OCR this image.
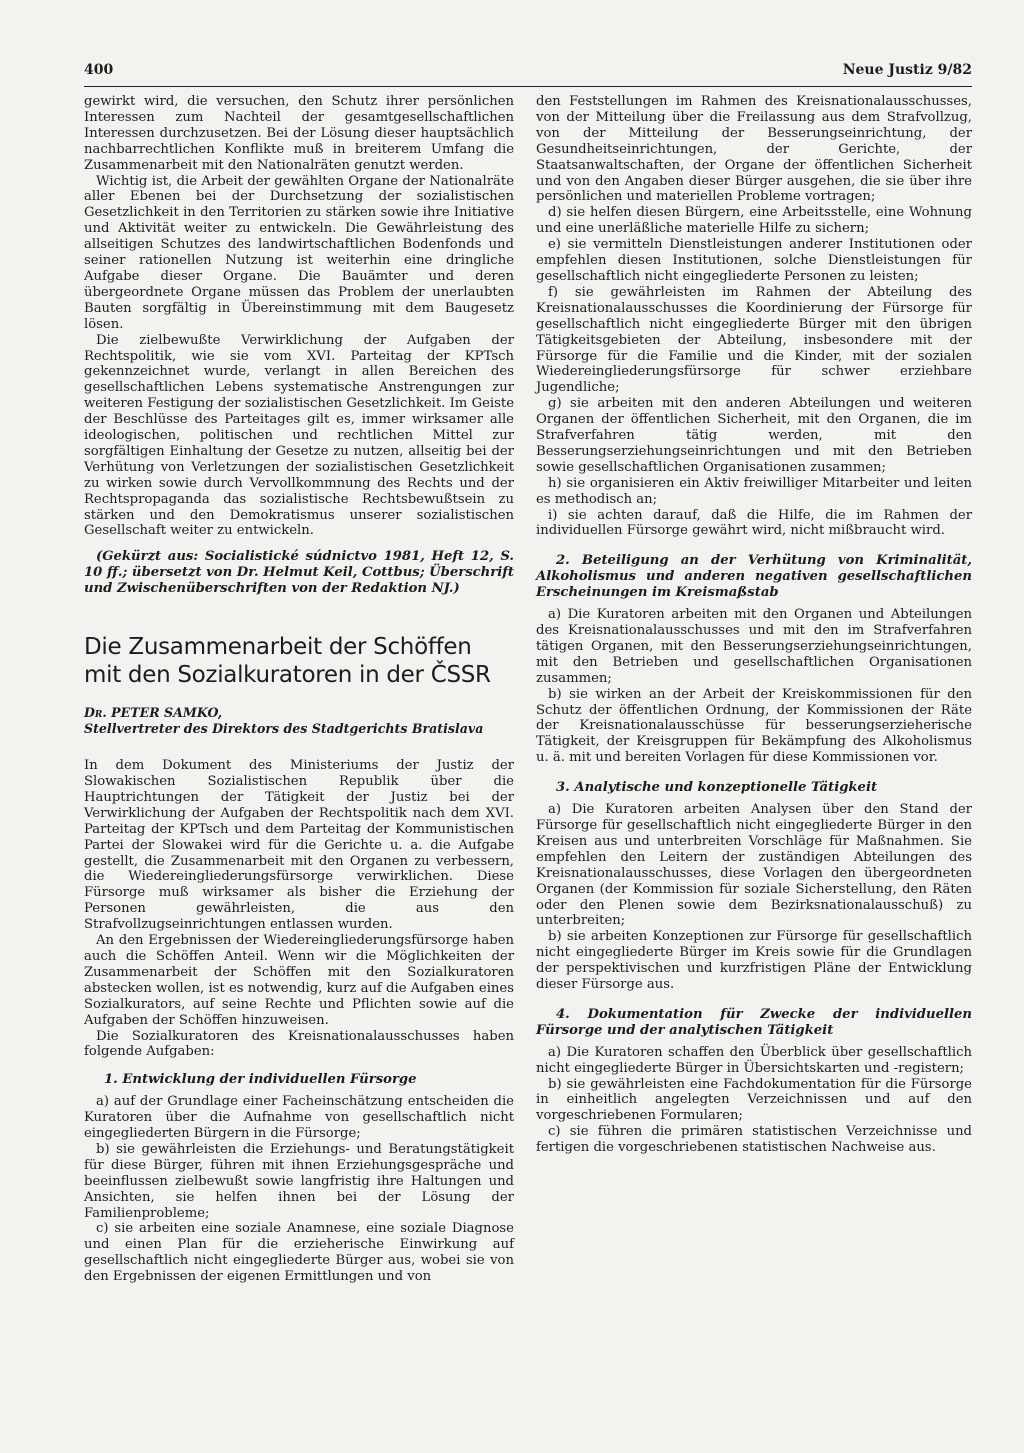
400	Neue Justiz 9/82

gewirkt wird, die versuchen, den Schutz ihrer persönlichen Interessen zum Nachteil der gesamtgesellschaftlichen Interessen durchzusetzen. Bei der Lösung dieser hauptsächlich nachbarrechtlichen Konflikte muß in breiterem Umfang die Zusammenarbeit mit den Nationalräten genutzt werden.

Wichtig ist, die Arbeit der gewählten Organe der Nationalräte aller Ebenen bei der Durchsetzung der sozialistischen Gesetzlichkeit in den Territorien zu stärken sowie ihre Initiative und Aktivität weiter zu entwickeln. Die Gewährleistung des allseitigen Schutzes des landwirtschaftlichen Bodenfonds und seiner rationellen Nutzung ist weiterhin eine dringliche Aufgabe dieser Organe. Die Bauämter und deren übergeordnete Organe müssen das Problem der unerlaubten Bauten sorgfältig in Übereinstimmung mit dem Baugesetz lösen.

Die zielbewußte Verwirklichung der Aufgaben der Rechtspolitik, wie sie vom XVI. Parteitag der KPTsch gekennzeichnet wurde, verlangt in allen Bereichen des gesellschaftlichen Lebens systematische Anstrengungen zur weiteren Festigung der sozialistischen Gesetzlichkeit. Im Geiste der Beschlüsse des Parteitages gilt es, immer wirksamer alle ideologischen, politischen und rechtlichen Mittel zur sorgfältigen Einhaltung der Gesetze zu nutzen, allseitig bei der Verhütung von Verletzungen der sozialistischen Gesetzlichkeit zu wirken sowie durch Vervollkommnung des Rechts und der Rechtspropaganda das sozialistische Rechtsbewußtsein zu stärken und den Demokratismus unserer sozialistischen Gesellschaft weiter zu entwickeln.

(Gekürzt aus: Socialistické súdnictvo 1981, Heft 12, S. 10 ff.; übersetzt von Dr. Helmut Keil, Cottbus; Überschrift und Zwischenüberschriften von der Redaktion NJ.)

Die Zusammenarbeit der Schöffen
mit den Sozialkuratoren in der ČSSR
Dr. PETER SAMKO,
Stellvertreter des Direktors des Stadtgerichts Bratislava

In dem Dokument des Ministeriums der Justiz der Slowakischen Sozialistischen Republik über die Hauptrichtungen der Tätigkeit der Justiz bei der Verwirklichung der Aufgaben der Rechtspolitik nach dem XVI. Parteitag der KPTsch und dem Parteitag der Kommunistischen Partei der Slowakei wird für die Gerichte u. a. die Aufgabe gestellt, die Zusammenarbeit mit den Organen zu verbessern, die Wiedereingliederungsfürsorge verwirklichen. Diese Fürsorge muß wirksamer als bisher die Erziehung der Personen gewährleisten, die aus den Strafvollzugseinrichtungen entlassen wurden.

An den Ergebnissen der Wiedereingliederungsfürsorge haben auch die Schöffen Anteil. Wenn wir die Möglichkeiten der Zusammenarbeit der Schöffen mit den Sozialkuratoren abstecken wollen, ist es notwendig, kurz auf die Aufgaben eines Sozialkurators, auf seine Rechte und Pflichten sowie auf die Aufgaben der Schöffen hinzuweisen.

Die Sozialkuratoren des Kreisnationalausschusses haben folgende Aufgaben:

1. Entwicklung der individuellen Fürsorge

a) auf der Grundlage einer Facheinschätzung entscheiden die Kuratoren über die Aufnahme von gesellschaftlich nicht eingegliederten Bürgern in die Fürsorge;

b) sie gewährleisten die Erziehungs- und Beratungstätigkeit für diese Bürger, führen mit ihnen Erziehungsgespräche und beeinflussen zielbewußt sowie langfristig ihre Haltungen und Ansichten, sie helfen ihnen bei der Lösung der Familienprobleme;

c) sie arbeiten eine soziale Anamnese, eine soziale Diagnose und einen Plan für die erzieherische Einwirkung auf gesellschaftlich nicht eingegliederte Bürger aus, wobei sie von den Ergebnissen der eigenen Ermittlungen und von

den Feststellungen im Rahmen des Kreisnationalausschusses, von der Mitteilung über die Freilassung aus dem Strafvollzug, von der Mitteilung der Besserungseinrichtung, der Gesundheitseinrichtungen, der Gerichte, der Staatsanwaltschaften, der Organe der öffentlichen Sicherheit und von den Angaben dieser Bürger ausgehen, die sie über ihre persönlichen und materiellen Probleme vortragen;

d) sie helfen diesen Bürgern, eine Arbeitsstelle, eine Wohnung und eine unerläßliche materielle Hilfe zu sichern;

e) sie vermitteln Dienstleistungen anderer Institutionen oder empfehlen diesen Institutionen, solche Dienstleistungen für gesellschaftlich nicht eingegliederte Personen zu leisten;

f) sie gewährleisten im Rahmen der Abteilung des Kreisnationalausschusses die Koordinierung der Fürsorge für gesellschaftlich nicht eingegliederte Bürger mit den übrigen Tätigkeitsgebieten der Abteilung, insbesondere mit der Fürsorge für die Familie und die Kinder, mit der sozialen Wiedereingliederungsfürsorge für schwer erziehbare Jugendliche;

g) sie arbeiten mit den anderen Abteilungen und weiteren Organen der öffentlichen Sicherheit, mit den Organen, die im Strafverfahren tätig werden, mit den Besserungserziehungseinrichtungen und mit den Betrieben sowie gesellschaftlichen Organisationen zusammen;

h) sie organisieren ein Aktiv freiwilliger Mitarbeiter und leiten es methodisch an;

i) sie achten darauf, daß die Hilfe, die im Rahmen der individuellen Fürsorge gewährt wird, nicht mißbraucht wird.

2. Beteiligung an der Verhütung von Kriminalität, Alkoholismus und anderen negativen gesellschaftlichen Erscheinungen im Kreismaßstab

a) Die Kuratoren arbeiten mit den Organen und Abteilungen des Kreisnationalausschusses und mit den im Strafverfahren tätigen Organen, mit den Besserungserziehungseinrichtungen, mit den Betrieben und gesellschaftlichen Organisationen zusammen;

b) sie wirken an der Arbeit der Kreiskommissionen für den Schutz der öffentlichen Ordnung, der Kommissionen der Räte der Kreisnationalausschüsse für besserungserzieherische Tätigkeit, der Kreisgruppen für Bekämpfung des Alkoholismus u. ä. mit und bereiten Vorlagen für diese Kommissionen vor.

3. Analytische und konzeptionelle Tätigkeit

a) Die Kuratoren arbeiten Analysen über den Stand der Fürsorge für gesellschaftlich nicht eingegliederte Bürger in den Kreisen aus und unterbreiten Vorschläge für Maßnahmen. Sie empfehlen den Leitern der zuständigen Abteilungen des Kreisnationalausschusses, diese Vorlagen den übergeordneten Organen (der Kommission für soziale Sicherstellung, den Räten oder den Plenen sowie dem Bezirksnationalausschuß) zu unterbreiten;

b) sie arbeiten Konzeptionen zur Fürsorge für gesellschaftlich nicht eingegliederte Bürger im Kreis sowie für die Grundlagen der perspektivischen und kurzfristigen Pläne der Entwicklung dieser Fürsorge aus.

4. Dokumentation für Zwecke der individuellen Fürsorge und der analytischen Tätigkeit

a) Die Kuratoren schaffen den Überblick über gesellschaftlich nicht eingegliederte Bürger in Übersichtskarten und -registern;

b) sie gewährleisten eine Fachdokumentation für die Fürsorge in einheitlich angelegten Verzeichnissen und auf den vorgeschriebenen Formularen;

c) sie führen die primären statistischen Verzeichnisse und fertigen die vorgeschriebenen statistischen Nachweise aus.
